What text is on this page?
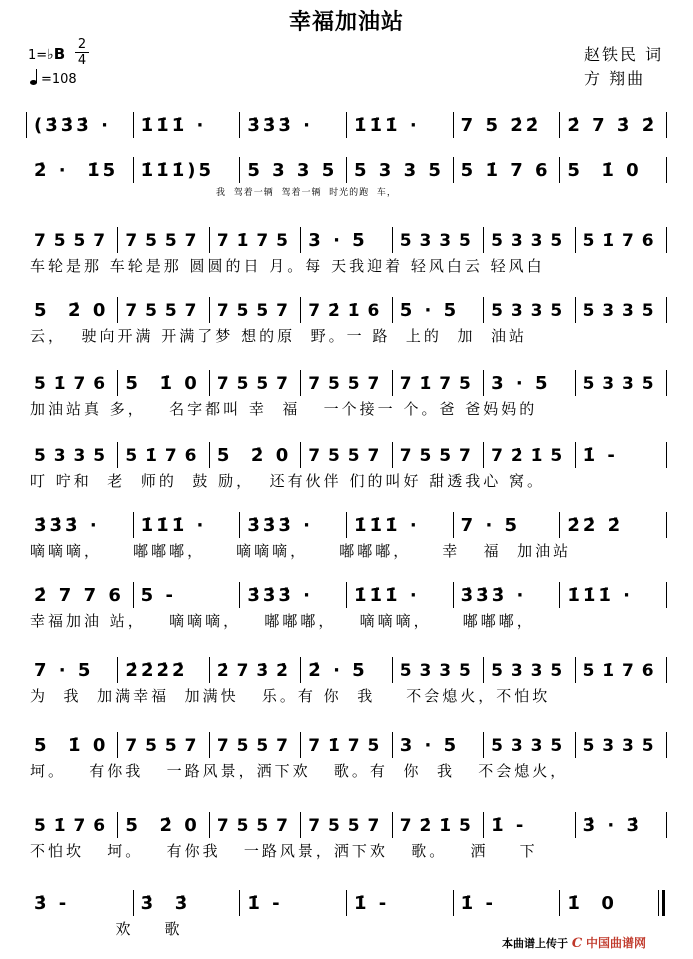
幸福加油站
1=♭B
2
4
=108
赵铁民 词
方 翔曲
(3̇3̇3̇ · 1̇1̇1̇ · 3̇3̇3̇ · 1̇1̇1̇ · 7 5 2̇2̇ 2̇ 7 3̇ 2̇
2̇ ·  1̇5 1̇1̇1̇)5 5 3 3 5 5 3 3 5 5 1̇ 7 6 5  1̇ 0
我  驾着一辆  驾着一辆  时光的跑  车，
7 5 5 7 7 5 5 7 7 1̇ 7 5 3 · 5 5 3 3 5 5 3 3 5 5 1̇ 7 6
车轮是那 车轮是那 圆圆的日 月。每 天我迎着 轻风白云 轻风白
5  2̇ 0 7 5 5 7 7 5 5 7 7 2̇ 1̇ 6 5 · 5 5 3 3 5 5 3 3 5
云，  驶向开满 开满了梦 想的原  野。一 路  上的  加  油站
5 1̇ 7 6 5  1̇ 0 7 5 5 7 7 5 5 7 7 1̇ 7 5 3 · 5 5 3 3 5
加油站真 多，   名字都叫 幸  福   一个接一 个。爸 爸妈妈的
5 3 3 5 5 1̇ 7 6 5  2̇ 0 7 5 5 7 7 5 5 7 7 2̇ 1̇ 5 1̇ -
叮 咛和  老  师的  鼓 励，  还有伙伴 们的叫好 甜透我心 窝。
3̇3̇3̇ · 1̇1̇1̇ · 3̇3̇3̇ · 1̇1̇1̇ · 7 · 5	2̇2̇ 2̇
嘀嘀嘀，    嘟嘟嘟，    嘀嘀嘀，    嘟嘟嘟，    幸   福  加油站
2̇ 7 7 6 5 -	3̇3̇3̇ · 1̇1̇1̇ · 3̇3̇3̇ · 1̇1̇1̇ ·
幸福加油 站，   嘀嘀嘀，   嘟嘟嘟，   嘀嘀嘀，    嘟嘟嘟，
7 · 5 2̇2̇2̇2̇ 2̇ 7 3̇ 2̇ 2̇ · 5 5 3 3 5 5 3 3 5 5 1̇ 7 6
为  我  加满幸福  加满快   乐。有 你  我    不会熄火，不怕坎
5  1̇ 0 7 5 5 7 7 5 5 7 7 1̇ 7 5 3 · 5 5 3 3 5 5 3 3 5
坷。   有你我   一路风景，洒下欢   歌。有  你  我   不会熄火，
5 1̇ 7 6 5  2̇ 0 7 5 5 7 7 5 5 7 7 2̇ 1̇ 5 1̇ -	3̇ · 3̇
不怕坎   坷。   有你我   一路风景，洒下欢   歌。   洒    下
3̇ -	3̇  3̇	1̇ -	1̇ -	1̇ -	1̇  0
欢    歌
本曲谱上传于 C 中国曲谱网
